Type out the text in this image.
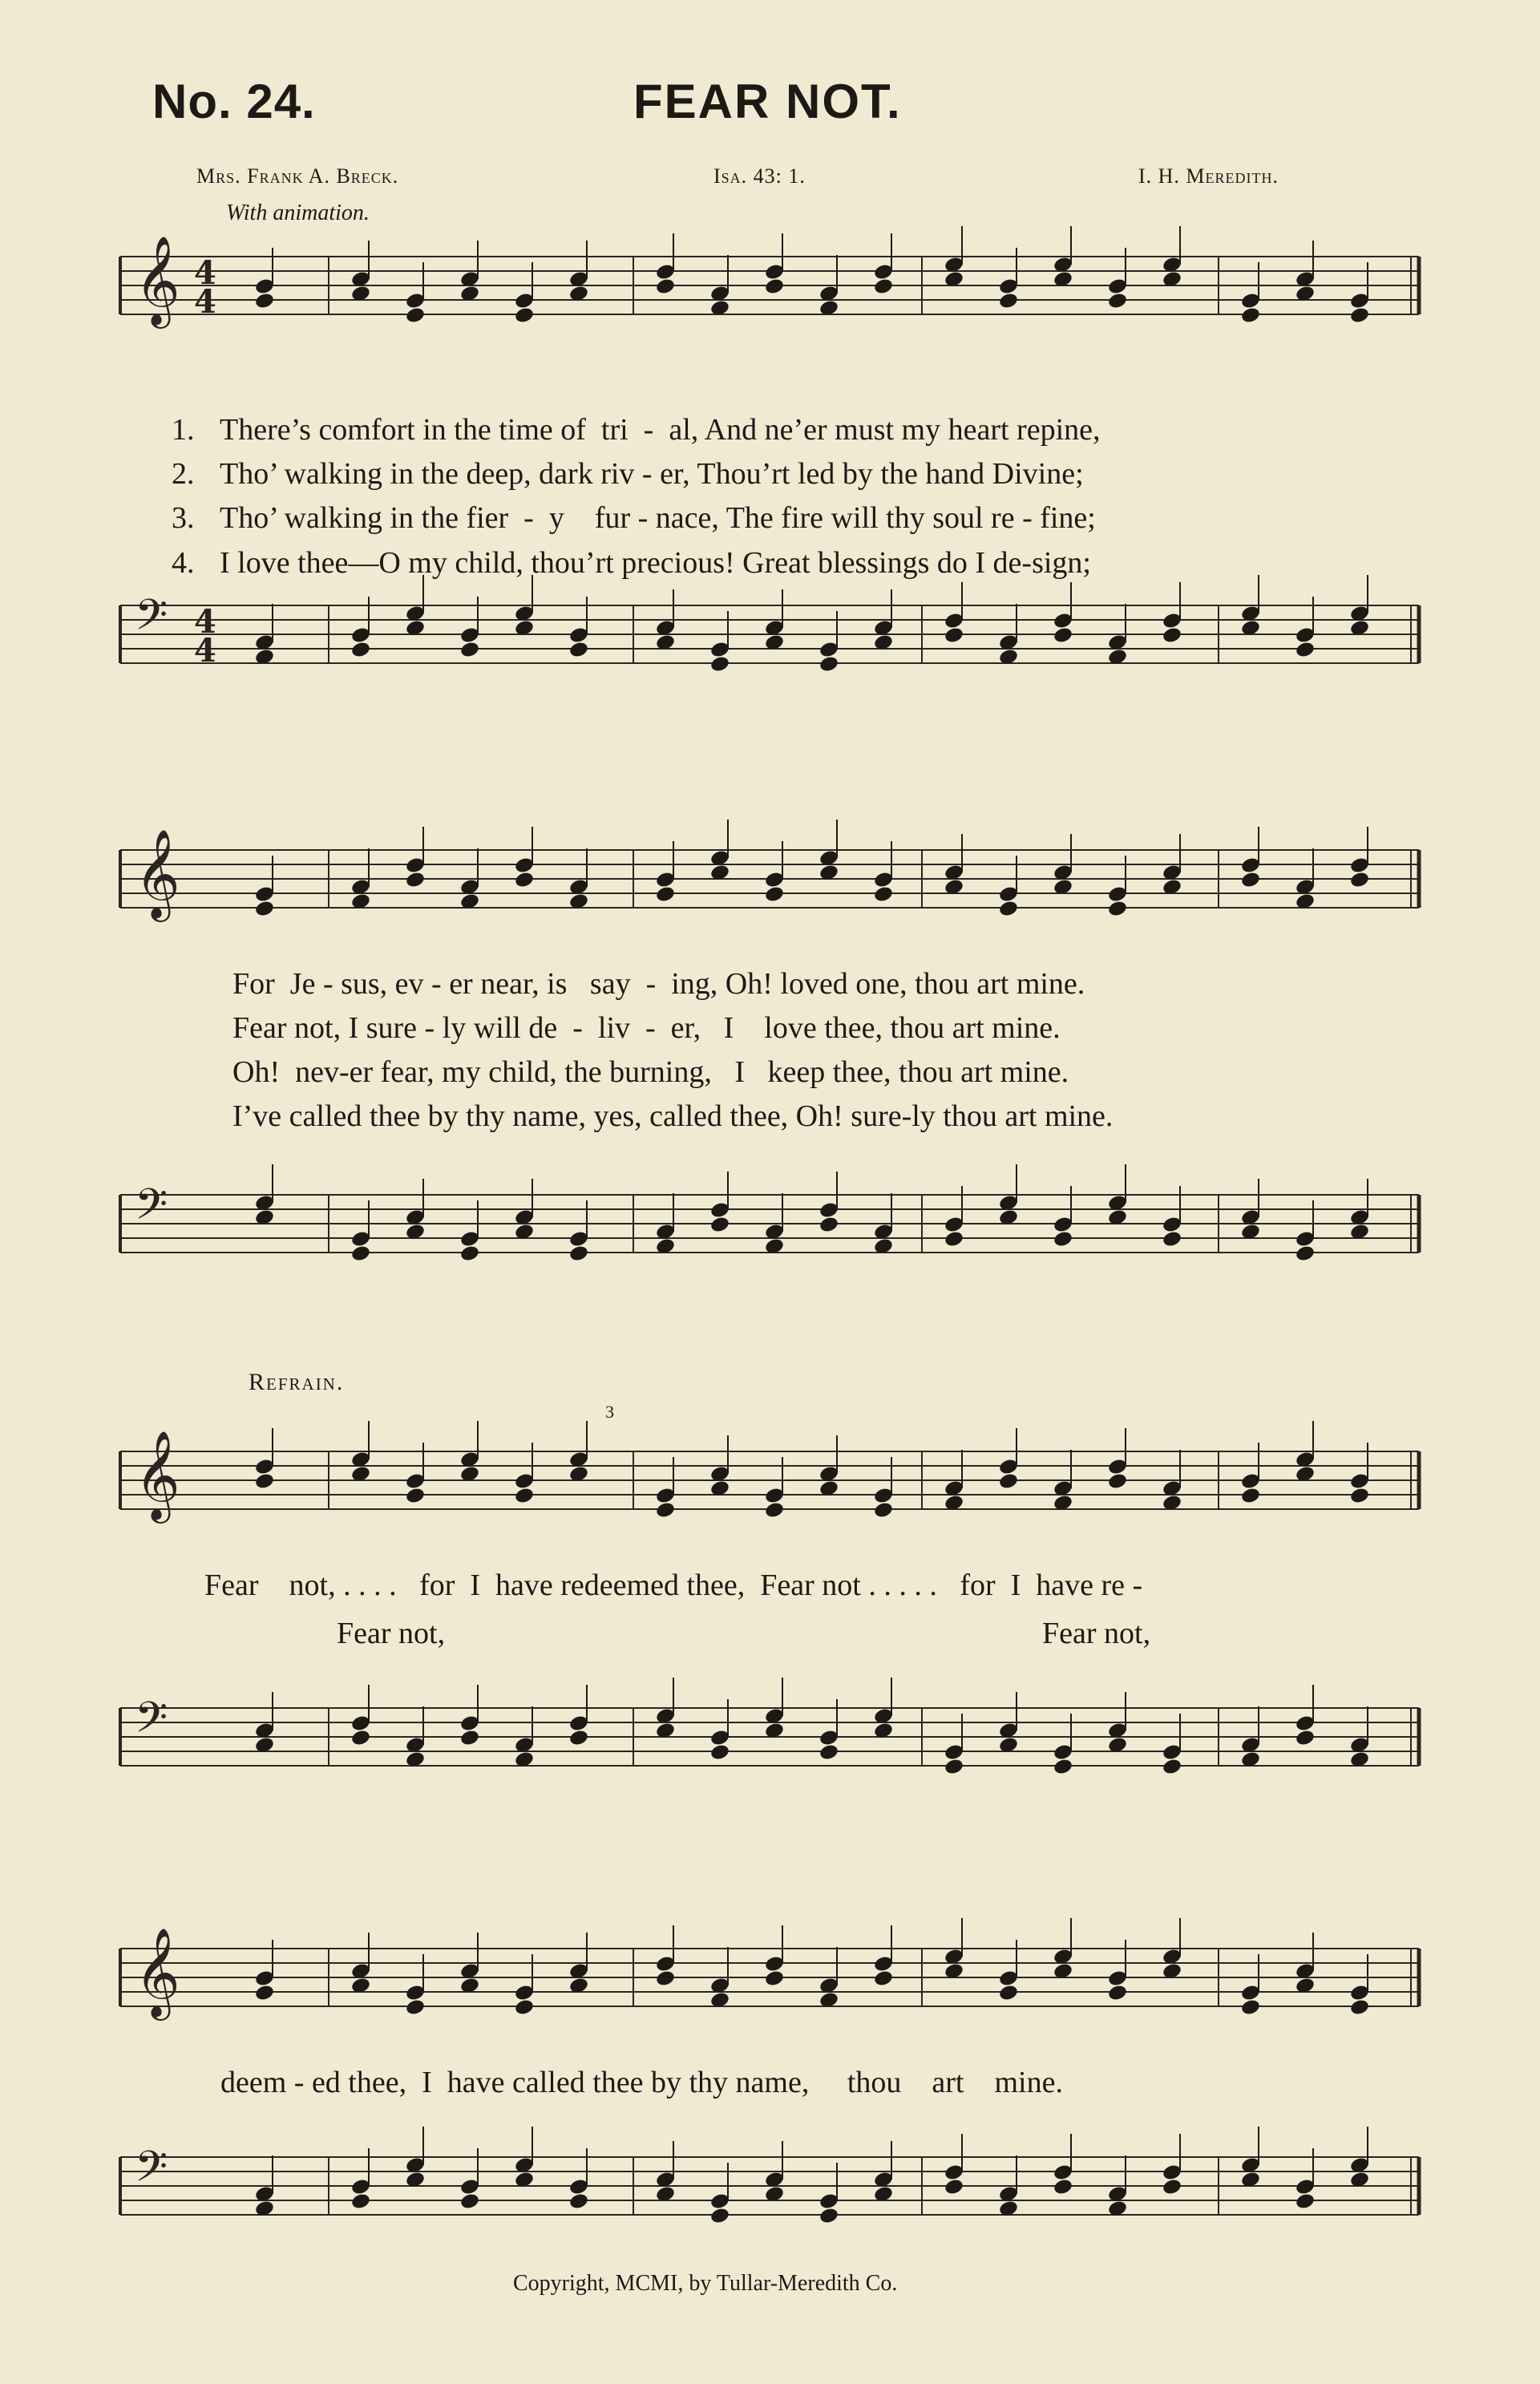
No. 24.	FEAR NOT.
Mrs. Frank A. Breck.	Isa. 43: 1.	I. H. Meredith.
With animation.
𝄞 4
4

1. There’s comfort in the time of  tri  -  al, And ne’er must my heart repine,

2. Tho’ walking in the deep, dark riv - er, Thou’rt led by the hand Divine;

3. Tho’ walking in the fier  -  y    fur - nace, The fire will thy soul re - fine;

4. I love thee—O my child, thou’rt precious! Great blessings do I de-sign;

𝄢 4
4
𝄞
For  Je - sus, ev - er near, is   say  -  ing, Oh! loved one, thou art mine.
Fear not, I sure - ly will de  -  liv  -  er,   I    love thee, thou art mine.
Oh!  nev-er fear, my child, the burning,   I   keep thee, thou art mine.
I’ve called thee by thy name, yes, called thee, Oh! sure-ly thou art mine.
𝄢
Refrain.
3
𝄞
Fear    not, . . . .   for  I  have redeemed thee,  Fear not . . . . .   for  I  have re -
Fear not,	Fear not,
𝄢
𝄞
deem - ed thee,  I  have called thee by thy name,     thou    art    mine.
𝄢
Copyright, MCMI, by Tullar-Meredith Co.
